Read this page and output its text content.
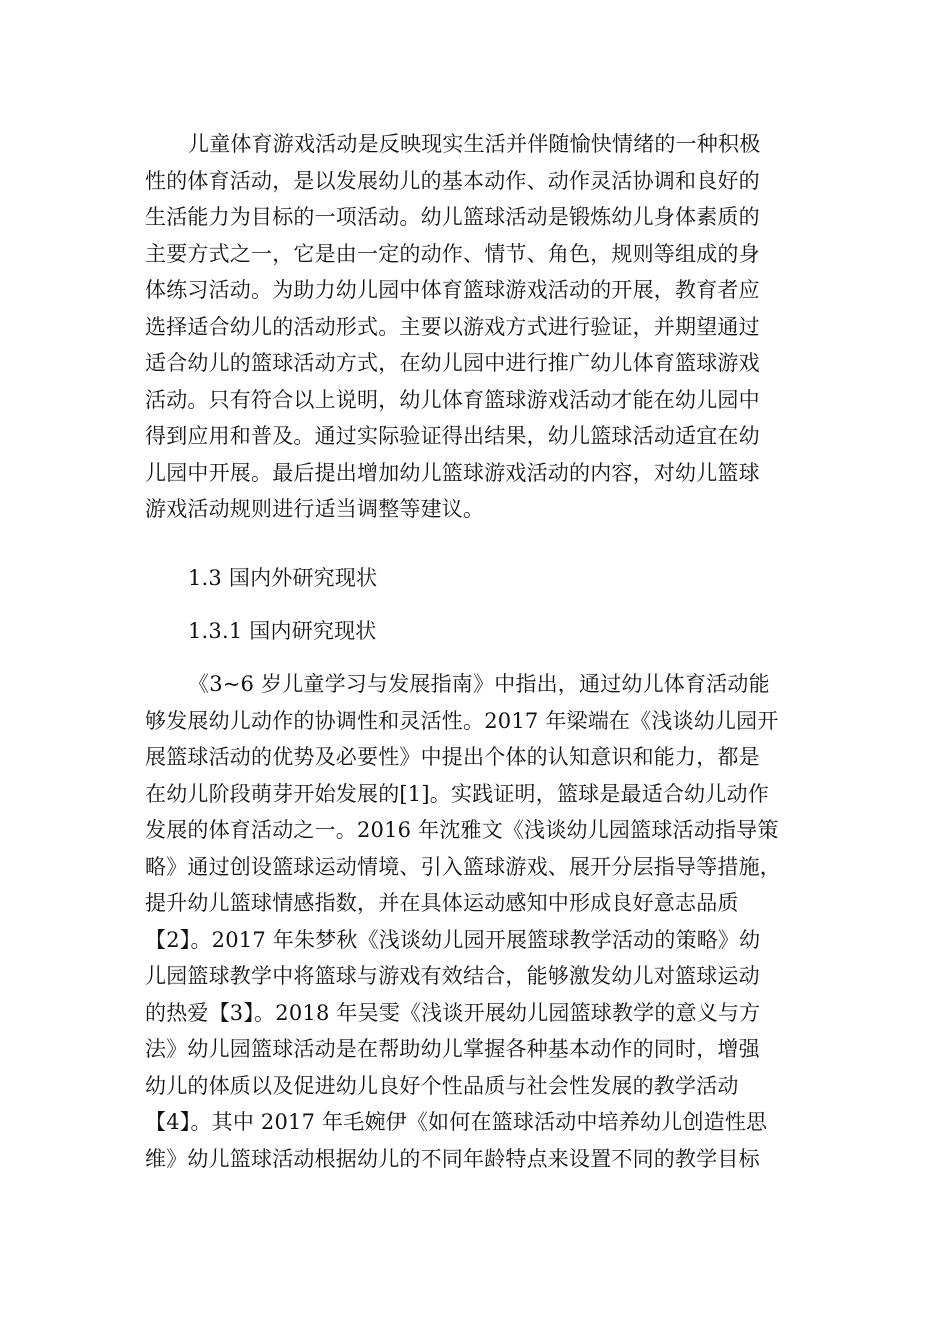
儿童体育游戏活动是反映现实生活并伴随愉快情绪的一种积极
性的体育活动，是以发展幼儿的基本动作、动作灵活协调和良好的
生活能力为目标的一项活动。幼儿篮球活动是锻炼幼儿身体素质的
主要方式之一，它是由一定的动作、情节、角色，规则等组成的身
体练习活动。为助力幼儿园中体育篮球游戏活动的开展，教育者应
选择适合幼儿的活动形式。主要以游戏方式进行验证，并期望通过
适合幼儿的篮球活动方式，在幼儿园中进行推广幼儿体育篮球游戏
活动。只有符合以上说明，幼儿体育篮球游戏活动才能在幼儿园中
得到应用和普及。通过实际验证得出结果，幼儿篮球活动适宜在幼
儿园中开展。最后提出增加幼儿篮球游戏活动的内容，对幼儿篮球
游戏活动规则进行适当调整等建议。
1.3 国内外研究现状
1.3.1 国内研究现状
《3~6 岁儿童学习与发展指南》中指出，通过幼儿体育活动能
够发展幼儿动作的协调性和灵活性。2017 年梁端在《浅谈幼儿园开
展篮球活动的优势及必要性》中提出个体的认知意识和能力，都是
在幼儿阶段萌芽开始发展的[1]。实践证明，篮球是最适合幼儿动作
发展的体育活动之一。2016 年沈雅文《浅谈幼儿园篮球活动指导策
略》通过创设篮球运动情境、引入篮球游戏、展开分层指导等措施，
提升幼儿篮球情感指数，并在具体运动感知中形成良好意志品质
【2】。2017 年朱梦秋《浅谈幼儿园开展篮球教学活动的策略》幼
儿园篮球教学中将篮球与游戏有效结合，能够激发幼儿对篮球运动
的热爱【3】。2018 年吴雯《浅谈开展幼儿园篮球教学的意义与方
法》幼儿园篮球活动是在帮助幼儿掌握各种基本动作的同时，增强
幼儿的体质以及促进幼儿良好个性品质与社会性发展的教学活动
【4】。其中 2017 年毛婉伊《如何在篮球活动中培养幼儿创造性思
维》幼儿篮球活动根据幼儿的不同年龄特点来设置不同的教学目标
